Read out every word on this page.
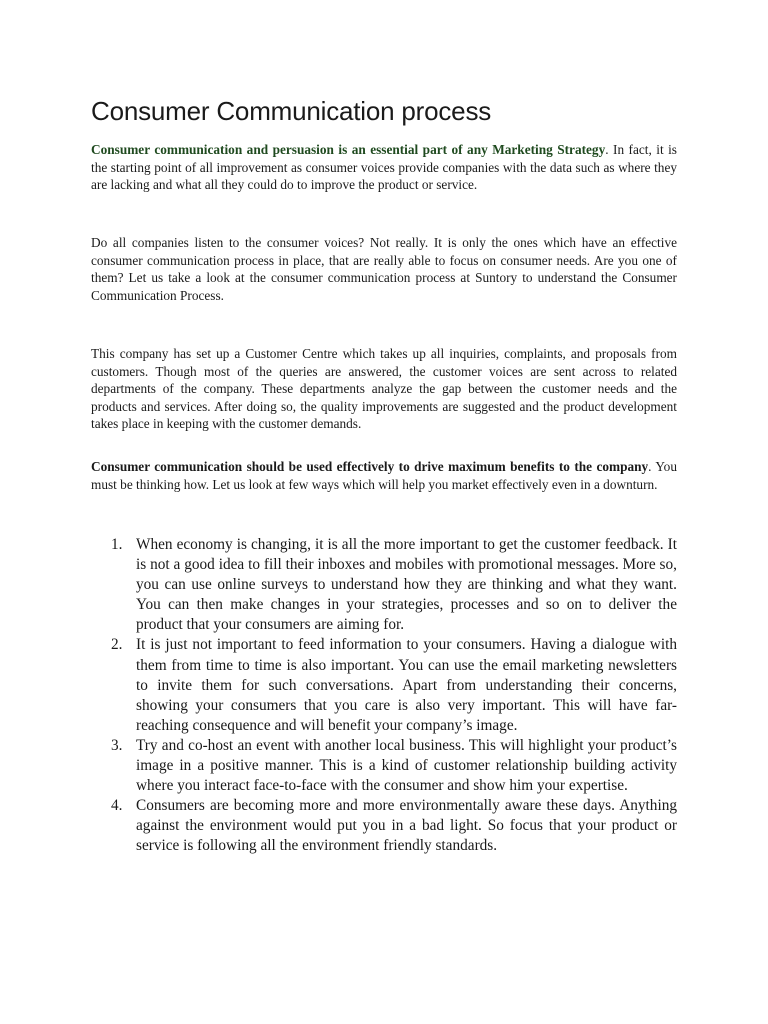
Consumer Communication process

Consumer communication and persuasion is an essential part of any Marketing Strategy. In fact, it is the starting point of all improvement as consumer voices provide companies with the data such as where they are lacking and what all they could do to improve the product or service.

Do all companies listen to the consumer voices? Not really. It is only the ones which have an effective consumer communication process in place, that are really able to focus on consumer needs. Are you one of them? Let us take a look at the consumer communication process at Suntory to understand the Consumer Communication Process.

This company has set up a Customer Centre which takes up all inquiries, complaints, and proposals from customers. Though most of the queries are answered, the customer voices are sent across to related departments of the company. These departments analyze the gap between the customer needs and the products and services. After doing so, the quality improvements are suggested and the product development takes place in keeping with the customer demands.

Consumer communication should be used effectively to drive maximum benefits to the company. You must be thinking how. Let us look at few ways which will help you market effectively even in a downturn.

1. When economy is changing, it is all the more important to get the customer feedback. It is not a good idea to fill their inboxes and mobiles with promotional messages. More so, you can use online surveys to understand how they are thinking and what they want. You can then make changes in your strategies, processes and so on to deliver the product that your consumers are aiming for.
2. It is just not important to feed information to your consumers. Having a dialogue with them from time to time is also important. You can use the email marketing newsletters to invite them for such conversations. Apart from understanding their concerns, showing your consumers that you care is also very important. This will have far-reaching consequence and will benefit your company’s image.
3. Try and co-host an event with another local business. This will highlight your product’s image in a positive manner. This is a kind of customer relationship building activity where you interact face-to-face with the consumer and show him your expertise.
4. Consumers are becoming more and more environmentally aware these days. Anything against the environment would put you in a bad light. So focus that your product or service is following all the environment friendly standards.
